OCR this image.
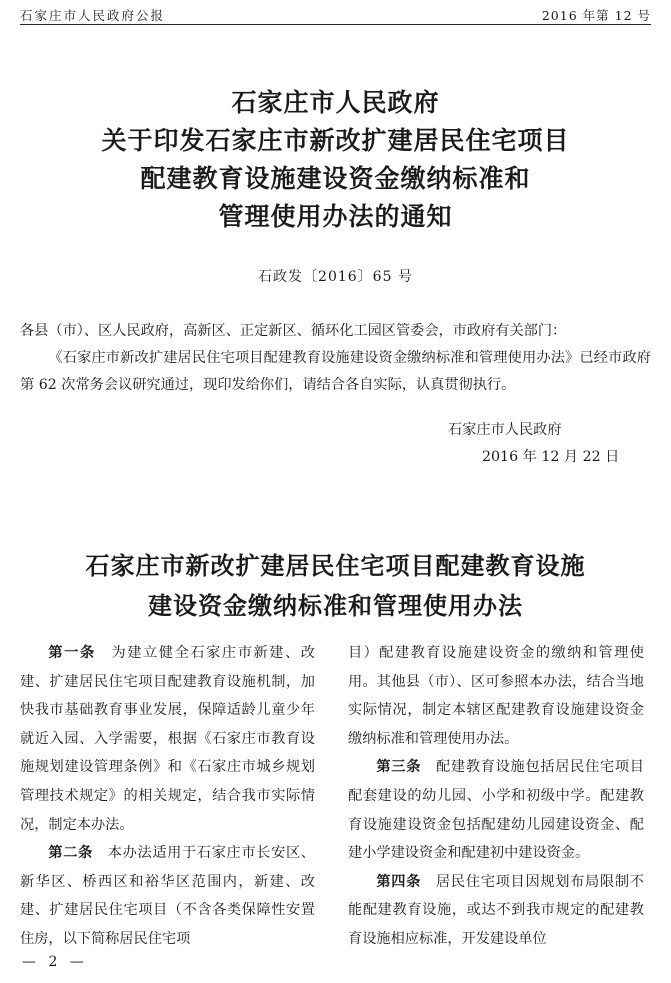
石家庄市人民政府公报	2016 年第 12 号
石家庄市人民政府
关于印发石家庄市新改扩建居民住宅项目
配建教育设施建设资金缴纳标准和
管理使用办法的通知
石政发〔2016〕65 号

各县（市）、区人民政府，高新区、正定新区、循环化工园区管委会，市政府有关部门：

《石家庄市新改扩建居民住宅项目配建教育设施建设资金缴纳标准和管理使用办法》已经市政府第 62 次常务会议研究通过，现印发给你们，请结合各自实际，认真贯彻执行。

石家庄市人民政府
2016 年 12 月 22 日
石家庄市新改扩建居民住宅项目配建教育设施
建设资金缴纳标准和管理使用办法

第一条　 为建立健全石家庄市新建、改建、扩建居民住宅项目配建教育设施机制，加快我市基础教育事业发展，保障适龄儿童少年就近入园、入学需要，根据《石家庄市教育设施规划建设管理条例》和《石家庄市城乡规划管理技术规定》的相关规定，结合我市实际情况，制定本办法。

第二条　 本办法适用于石家庄市长安区、新华区、桥西区和裕华区范围内，新建、改建、扩建居民住宅项目（不含各类保障性安置住房，以下简称居民住宅项

目）配建教育设施建设资金的缴纳和管理使用。其他县（市）、区可参照本办法，结合当地实际情况，制定本辖区配建教育设施建设资金缴纳标准和管理使用办法。

第三条　 配建教育设施包括居民住宅项目配套建设的幼儿园、小学和初级中学。配建教育设施建设资金包括配建幼儿园建设资金、配建小学建设资金和配建初中建设资金。

第四条　 居民住宅项目因规划布局限制不能配建教育设施，或达不到我市规定的配建教育设施相应标准，开发建设单位

— 2 —
